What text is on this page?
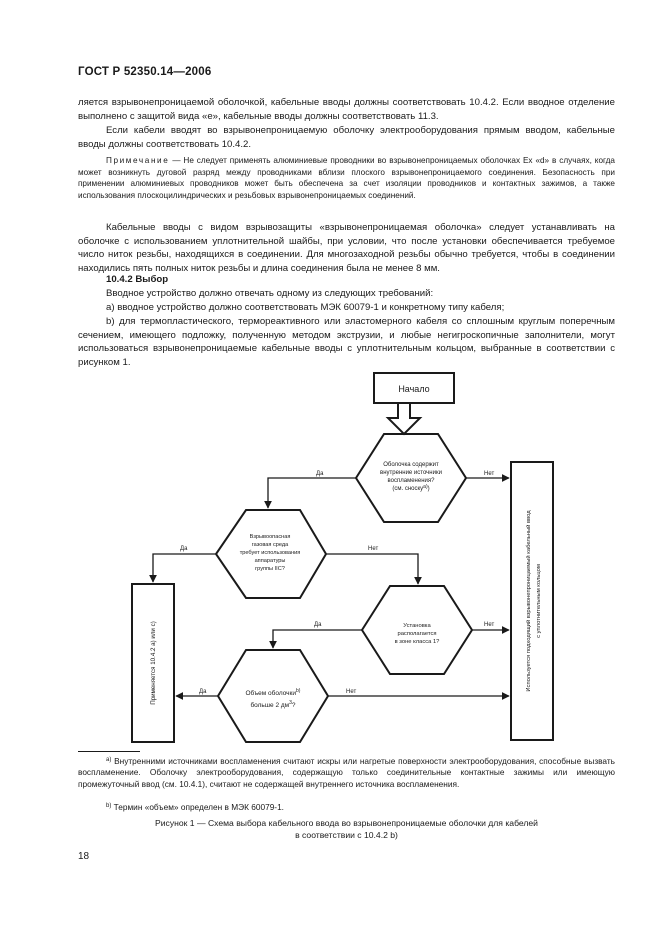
ГОСТ Р 52350.14—2006
ляется взрывонепроницаемой оболочкой, кабельные вводы должны соответствовать 10.4.2. Если вводное отделение выполнено с защитой вида «е», кабельные вводы должны соответствовать 11.3.
Если кабели вводят во взрывонепроницаемую оболочку электрооборудования прямым вводом, кабельные вводы должны соответствовать 10.4.2.
Примечание — Не следует применять алюминиевые проводники во взрывонепроницаемых оболочках Ex «d» в случаях, когда может возникнуть дуговой разряд между проводниками вблизи плоского взрывонепроницаемого соединения. Безопасность при применении алюминиевых проводников может быть обеспечена за счет изоляции проводников и контактных зажимов, а также использования плоскоцилиндрических и резьбовых взрывонепроницаемых соединений.
Кабельные вводы с видом взрывозащиты «взрывонепроницаемая оболочка» следует устанавливать на оболочке с использованием уплотнительной шайбы, при условии, что после установки обеспечивается требуемое число ниток резьбы, находящихся в соединении. Для многозаходной резьбы обычно требуется, чтобы в соединении находились пять полных ниток резьбы и длина соединения была не менее 8 мм.
10.4.2 Выбор
Вводное устройство должно отвечать одному из следующих требований:
а) вводное устройство должно соответствовать МЭК 60079-1 и конкретному типу кабеля;
b) для термопластического, термореактивного или эластомерного кабеля со сплошным круглым поперечным сечением, имеющего подложку, полученную методом экструзии, и любые негигроскопичные заполнители, могут использоваться взрывонепроницаемые кабельные вводы с уплотнительным кольцом, выбранные в соответствии с рисунком 1.
Начало
Оболочка содержит
внутренние источники
воспламенения?
(см. сноску$^{а)}$)
Взрывоопасная
газовая среда
требует использования
аппаратуры
группы IIC?
Установка
располагается
в зоне класса 1?
Объем оболочки$^{b)}$
больше 2 $дм^3$?
Да	Нет
Да	Нет
Да	Нет
Да	Нет
Применяется 10.4.2 а) или c)	Используется подходящий взрывонепроницаемый кабельный ввод с уплотнительным кольцом
$^{а)}$ Внутренними источниками воспламенения считают искры или нагретые поверхности электрооборудования, способные вызвать воспламенение. Оболочку электрооборудования, содержащую только соединительные контактные зажимы или имеющую промежуточный ввод (см. 10.4.1), считают не содержащей внутреннего источника воспламенения.
$^{b)}$ Термин «объем» определен в МЭК 60079-1.
Рисунок 1 — Схема выбора кабельного ввода во взрывонепроницаемые оболочки для кабелей
в соответствии с 10.4.2 b)
18
